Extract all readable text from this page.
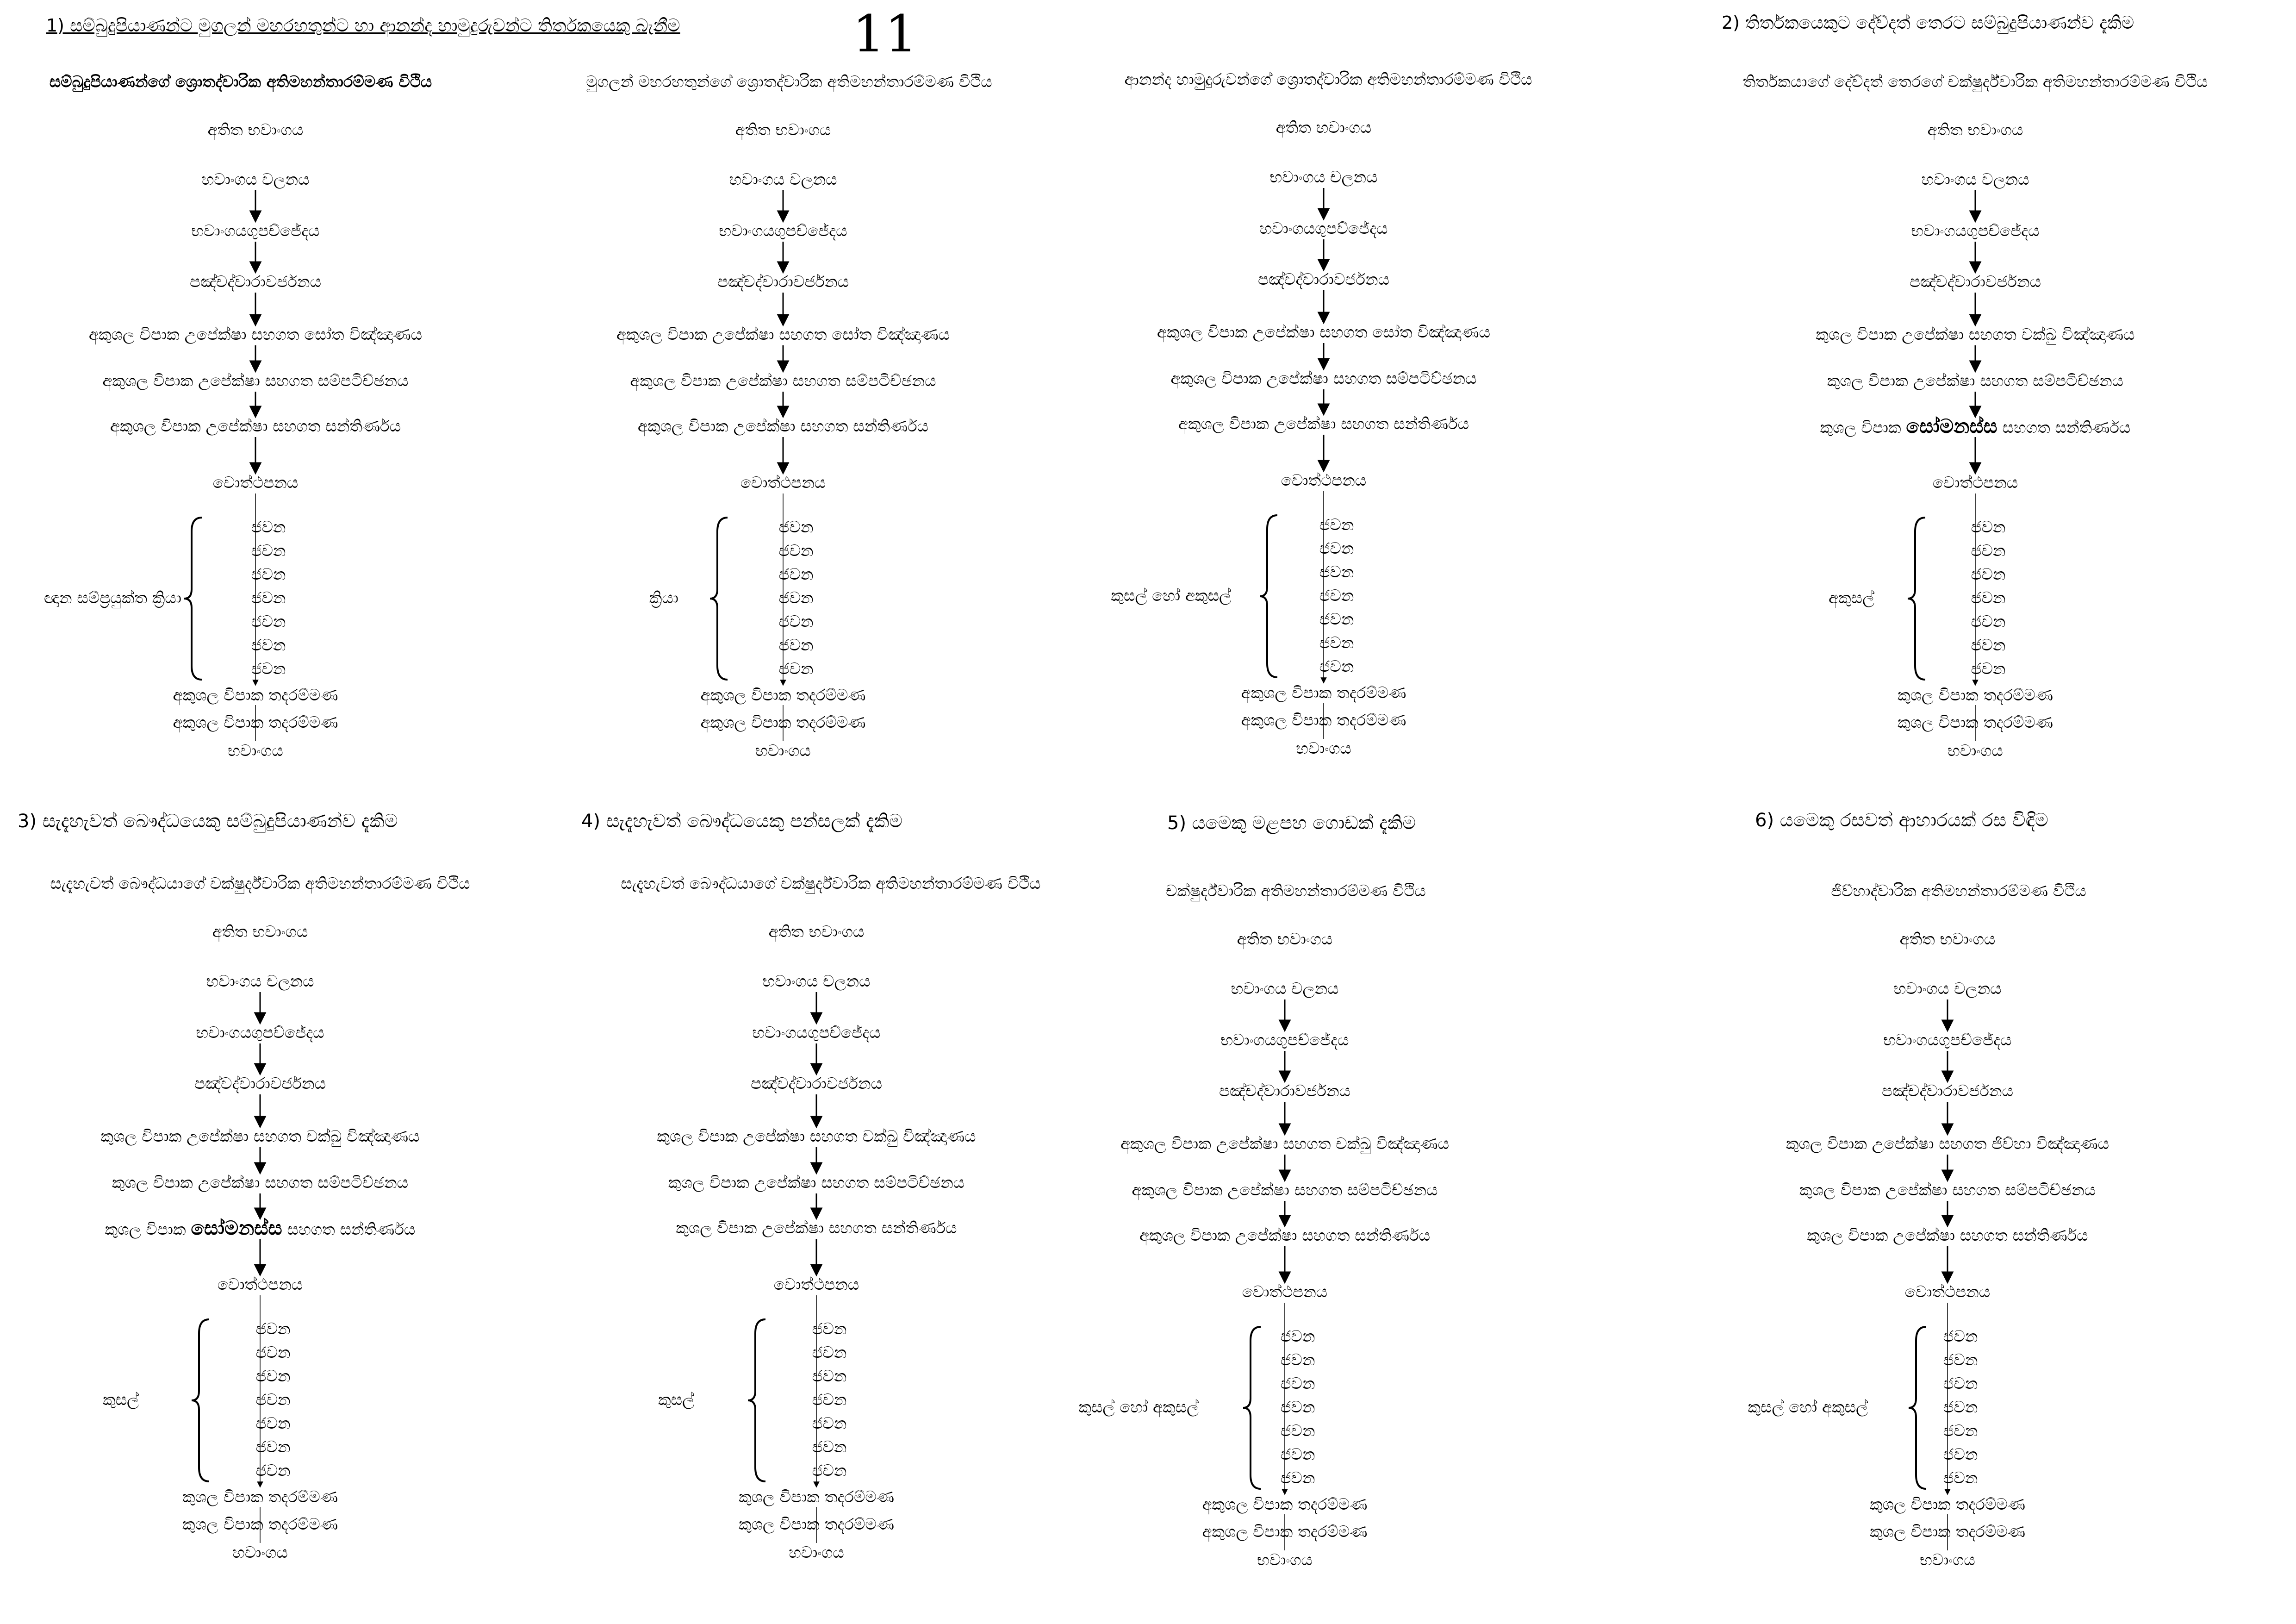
11
1) සම්බුදුපියාණන්ට මුගලන් මහරහතුන්ට හා ආනන්ද හාමුදුරුවන්ට තිර්තකයෙකු බැනීම	2) තිර්තකයෙකුට දේව්දත් තෙරට සම්බුදුපියාණන්ව දැකිම
3) සැදැහැවත් බෞද්ධයෙකු සම්බුදුපියාණන්ව දැකිම	4) සැදැහැවත් බෞද්ධයෙකු පන්සලක් දැකිම	5) යමෙකු මළපහ ගොඩක් දැකිම	6) යමෙකු රසවත් ආහාරයක් රස විඳිම
සම්බුදුපියාණන්ගේ ශ්‍රොතද්වාරික අතිමහන්තාරම්මණ විථිය
අතිත භවාංගය
භවාංගය චලනය
භවාංගයගුපච්ජේදය
පඤ්චද්වාරාවර්ජනය
අකුශල විපාක උපේක්ෂා සහගත සෝත විඤ්ඤාණය
අකුශල විපාක උපේක්ෂා සහගත සම්පටිච්ඡනය
අකුශල විපාක උපේක්ෂා සහගත සන්තිර්ණය
වොත්ථපනය
ජවන
ජවන
ජවන
ජවන
ජවන
ජවන
ජවන
ඥාන සම්ප්‍රයුක්ත ක්‍රියා
අකුශල විපාක තදරම්මණ
අකුශල විපාක තදරම්මණ
භවාංගය
මුගලන් මහරහතුන්ගේ ශ්‍රොතද්වාරික අතිමහන්තාරම්මණ විථිය
අතිත භවාංගය
භවාංගය චලනය
භවාංගයගුපච්ජේදය
පඤ්චද්වාරාවර්ජනය
අකුශල විපාක උපේක්ෂා සහගත සෝත විඤ්ඤාණය
අකුශල විපාක උපේක්ෂා සහගත සම්පටිච්ඡනය
අකුශල විපාක උපේක්ෂා සහගත සන්තිර්ණය
වොත්ථපනය
ජවන
ජවන
ජවන
ජවන
ජවන
ජවන
ජවන
ක්‍රියා
අකුශල විපාක තදරම්මණ
අකුශල විපාක තදරම්මණ
භවාංගය
ආනන්ද හාමුදුරුවන්ගේ ශ්‍රොතද්වාරික අතිමහන්තාරම්මණ විථිය
අතිත භවාංගය
භවාංගය චලනය
භවාංගයගුපච්ජේදය
පඤ්චද්වාරාවර්ජනය
අකුශල විපාක උපේක්ෂා සහගත සෝත විඤ්ඤාණය
අකුශල විපාක උපේක්ෂා සහගත සම්පටිච්ඡනය
අකුශල විපාක උපේක්ෂා සහගත සන්තිර්ණය
වොත්ථපනය
ජවන
ජවන
ජවන
ජවන
ජවන
ජවන
ජවන
කුසල් හෝ අකුසල්
අකුශල විපාක තදරම්මණ
අකුශල විපාක තදරම්මණ
භවාංගය
තිර්තකයාගේ දේව්දත් තෙරගේ චක්ෂුර්ද්වාරික අතිමහන්තාරම්මණ විථිය
අතිත භවාංගය
භවාංගය චලනය
භවාංගයගුපච්ජේදය
පඤ්චද්වාරාවර්ජනය
කුශල විපාක උපේක්ෂා සහගත චක්ඛු විඤ්ඤාණය
කුශල විපාක උපේක්ෂා සහගත සම්පටිච්ඡනය
කුශල විපාක සෝමනස්ස සහගත සන්තිර්ණය
වොත්ථපනය
ජවන
ජවන
ජවන
ජවන
ජවන
ජවන
ජවන
අකුසල්
කුශල විපාක තදරම්මණ
කුශල විපාක තදරම්මණ
භවාංගය
සැදැහැවත් බෞද්ධයාගේ චක්ෂුර්ද්වාරික අතිමහන්තාරම්මණ විථිය
අතිත භවාංගය
භවාංගය චලනය
භවාංගයගුපච්ජේදය
පඤ්චද්වාරාවර්ජනය
කුශල විපාක උපේක්ෂා සහගත චක්ඛු විඤ්ඤාණය
කුශල විපාක උපේක්ෂා සහගත සම්පටිච්ඡනය
කුශල විපාක සෝමනස්ස සහගත සන්තිර්ණය
වොත්ථපනය
ජවන
ජවන
ජවන
ජවන
ජවන
ජවන
ජවන
කුසල්
කුශල විපාක තදරම්මණ
කුශල විපාක තදරම්මණ
භවාංගය
සැදැහැවත් බෞද්ධයාගේ චක්ෂුර්ද්වාරික අතිමහන්තාරම්මණ විථිය
අතිත භවාංගය
භවාංගය චලනය
භවාංගයගුපච්ජේදය
පඤ්චද්වාරාවර්ජනය
කුශල විපාක උපේක්ෂා සහගත චක්ඛු විඤ්ඤාණය
කුශල විපාක උපේක්ෂා සහගත සම්පටිච්ඡනය
කුශල විපාක උපේක්ෂා සහගත සන්තිර්ණය
වොත්ථපනය
ජවන
ජවන
ජවන
ජවන
ජවන
ජවන
ජවන
කුසල්
කුශල විපාක තදරම්මණ
කුශල විපාක තදරම්මණ
භවාංගය
චක්ෂුර්ද්වාරික අතිමහන්තාරම්මණ විථිය
අතිත භවාංගය
භවාංගය චලනය
භවාංගයගුපච්ජේදය
පඤ්චද්වාරාවර්ජනය
අකුශල විපාක උපේක්ෂා සහගත චක්ඛු විඤ්ඤාණය
අකුශල විපාක උපේක්ෂා සහගත සම්පටිච්ඡනය
අකුශල විපාක උපේක්ෂා සහගත සන්තිර්ණය
වොත්ථපනය
ජවන
ජවන
ජවන
ජවන
ජවන
ජවන
ජවන
කුසල් හෝ අකුසල්
අකුශල විපාක තදරම්මණ
අකුශල විපාක තදරම්මණ
භවාංගය
ජිව්හාද්වාරික අතිමහන්තාරම්මණ විථිය
අතිත භවාංගය
භවාංගය චලනය
භවාංගයගුපච්ජේදය
පඤ්චද්වාරාවර්ජනය
කුශල විපාක උපේක්ෂා සහගත ජිව්හා විඤ්ඤාණය
කුශල විපාක උපේක්ෂා සහගත සම්පටිච්ඡනය
කුශල විපාක උපේක්ෂා සහගත සන්තිර්ණය
වොත්ථපනය
ජවන
ජවන
ජවන
ජවන
ජවන
ජවන
ජවන
කුසල් හෝ අකුසල්
කුශල විපාක තදරම්මණ
කුශල විපාක තදරම්මණ
භවාංගය
